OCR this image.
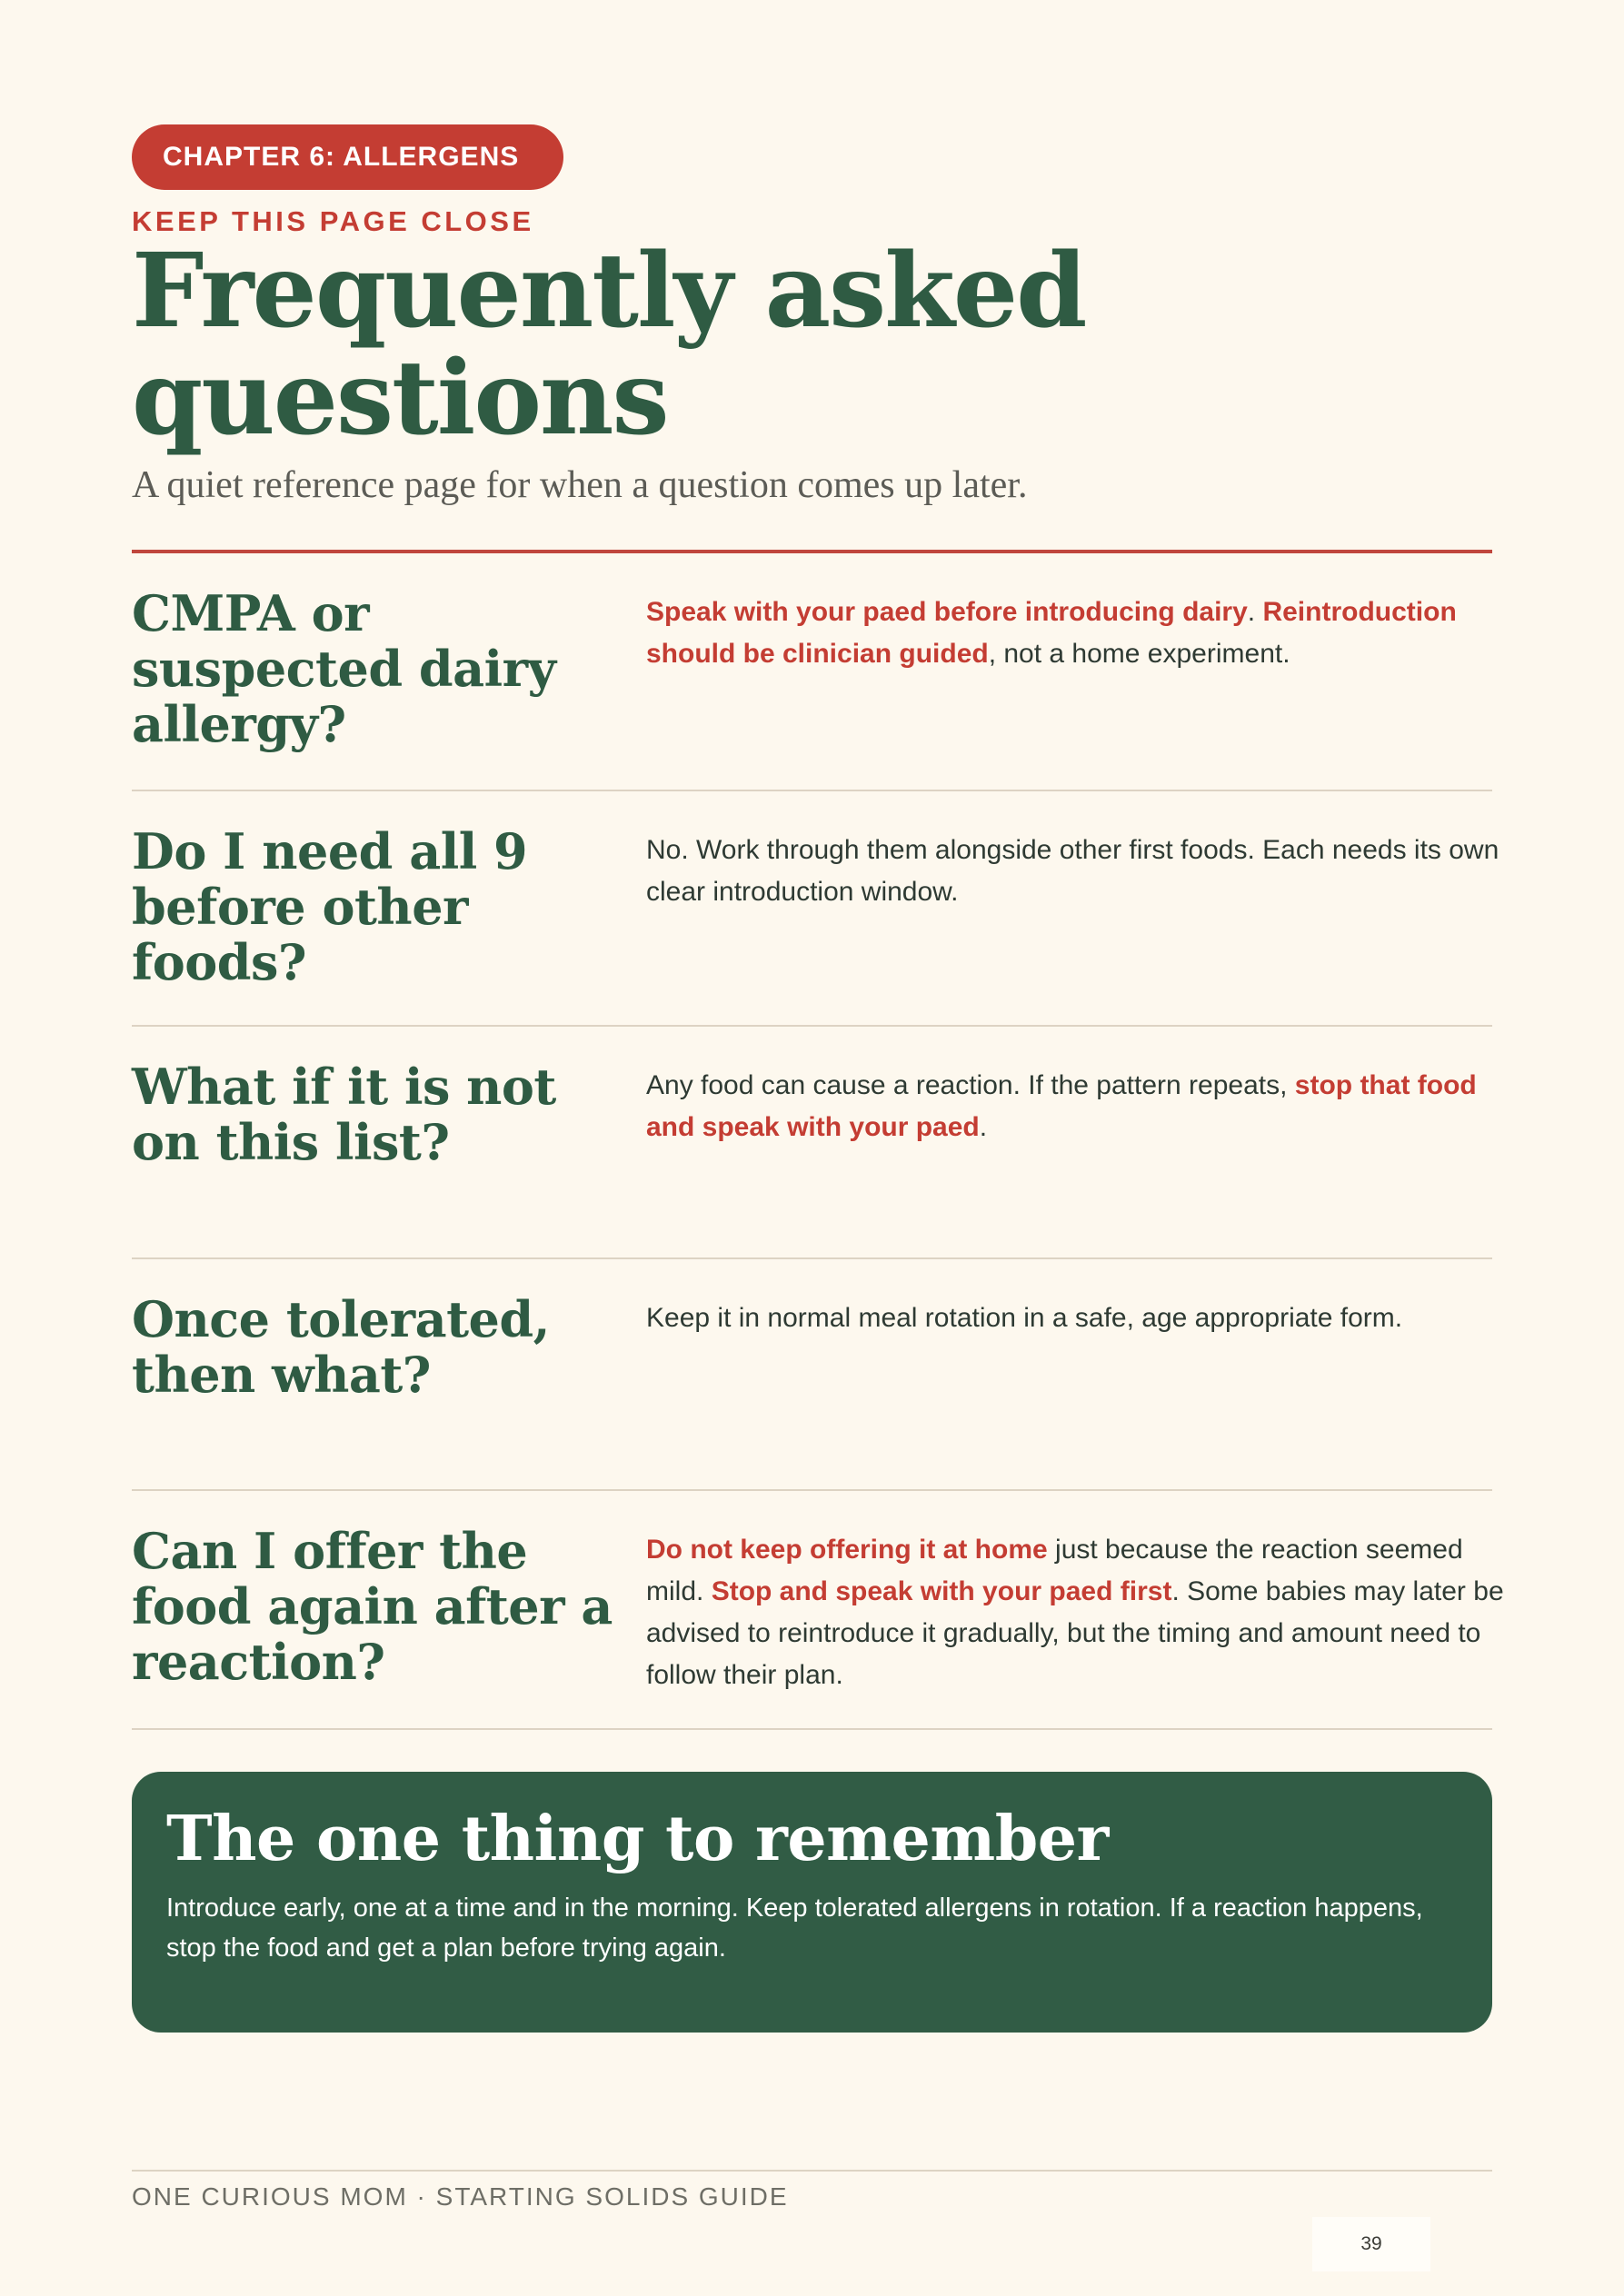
CHAPTER 6: ALLERGENS
KEEP THIS PAGE CLOSE
Frequently asked questions
A quiet reference page for when a question comes up later.
CMPA or suspected dairy allergy?
Speak with your paed before introducing dairy. Reintroduction should be clinician guided, not a home experiment.
Do I need all 9 before other foods?
No. Work through them alongside other first foods. Each needs its own clear introduction window.
What if it is not on this list?
Any food can cause a reaction. If the pattern repeats, stop that food and speak with your paed.
Once tolerated, then what?
Keep it in normal meal rotation in a safe, age appropriate form.
Can I offer the food again after a reaction?
Do not keep offering it at home just because the reaction seemed mild. Stop and speak with your paed first. Some babies may later be advised to reintroduce it gradually, but the timing and amount need to follow their plan.
The one thing to remember
Introduce early, one at a time and in the morning. Keep tolerated allergens in rotation. If a reaction happens, stop the food and get a plan before trying again.
ONE CURIOUS MOM · STARTING SOLIDS GUIDE
39
